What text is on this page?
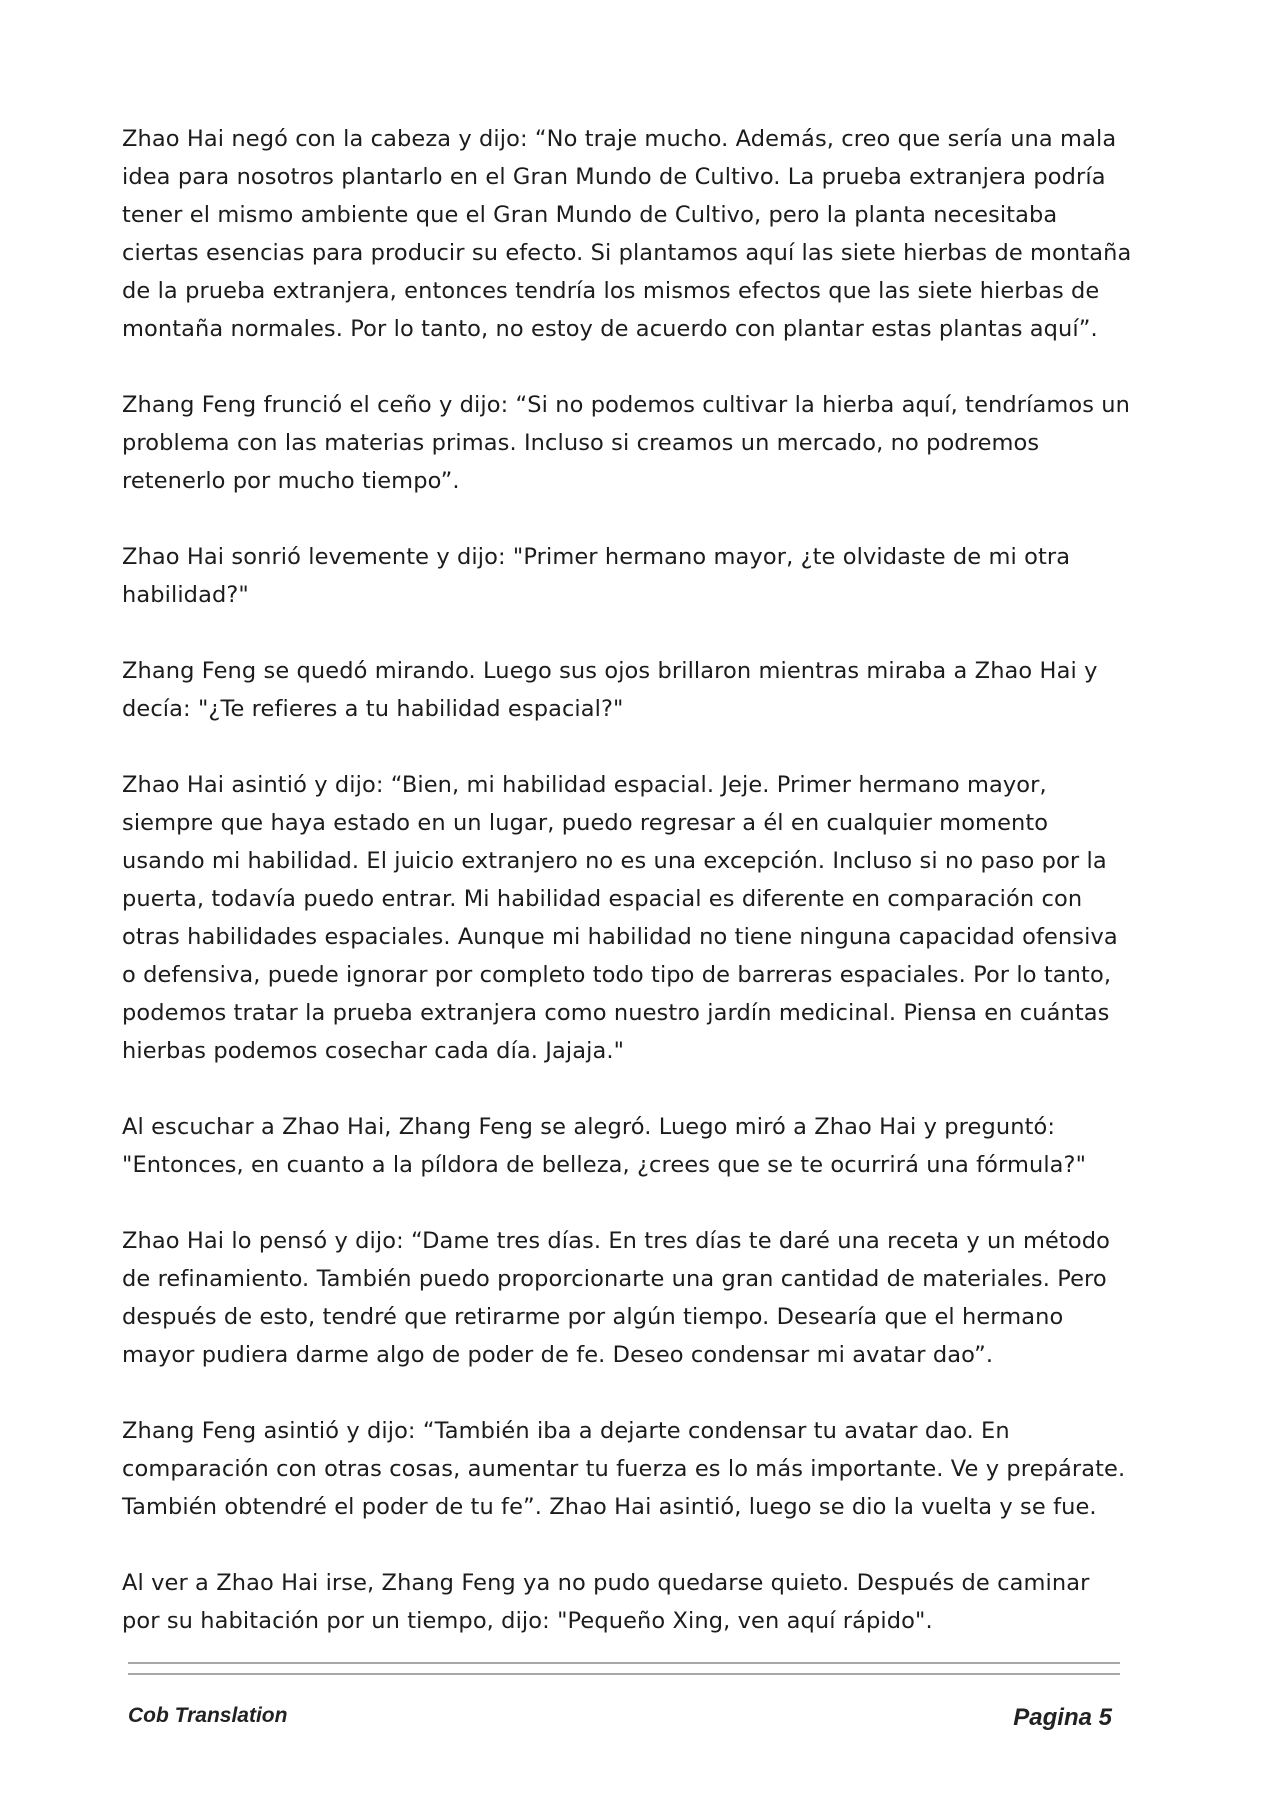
Zhao Hai negó con la cabeza y dijo: “No traje mucho. Además, creo que sería una mala idea para nosotros plantarlo en el Gran Mundo de Cultivo. La prueba extranjera podría tener el mismo ambiente que el Gran Mundo de Cultivo, pero la planta necesitaba ciertas esencias para producir su efecto. Si plantamos aquí las siete hierbas de montaña de la prueba extranjera, entonces tendría los mismos efectos que las siete hierbas de montaña normales. Por lo tanto, no estoy de acuerdo con plantar estas plantas aquí”.

Zhang Feng frunció el ceño y dijo: “Si no podemos cultivar la hierba aquí, tendríamos un problema con las materias primas. Incluso si creamos un mercado, no podremos retenerlo por mucho tiempo”.

Zhao Hai sonrió levemente y dijo: "Primer hermano mayor, ¿te olvidaste de mi otra habilidad?"

Zhang Feng se quedó mirando. Luego sus ojos brillaron mientras miraba a Zhao Hai y decía: "¿Te refieres a tu habilidad espacial?"

Zhao Hai asintió y dijo: “Bien, mi habilidad espacial. Jeje. Primer hermano mayor, siempre que haya estado en un lugar, puedo regresar a él en cualquier momento usando mi habilidad. El juicio extranjero no es una excepción. Incluso si no paso por la puerta, todavía puedo entrar. Mi habilidad espacial es diferente en comparación con otras habilidades espaciales. Aunque mi habilidad no tiene ninguna capacidad ofensiva o defensiva, puede ignorar por completo todo tipo de barreras espaciales. Por lo tanto, podemos tratar la prueba extranjera como nuestro jardín medicinal. Piensa en cuántas hierbas podemos cosechar cada día. Jajaja."

Al escuchar a Zhao Hai, Zhang Feng se alegró. Luego miró a Zhao Hai y preguntó: "Entonces, en cuanto a la píldora de belleza, ¿crees que se te ocurrirá una fórmula?"

Zhao Hai lo pensó y dijo: “Dame tres días. En tres días te daré una receta y un método de refinamiento. También puedo proporcionarte una gran cantidad de materiales. Pero después de esto, tendré que retirarme por algún tiempo. Desearía que el hermano mayor pudiera darme algo de poder de fe. Deseo condensar mi avatar dao”.

Zhang Feng asintió y dijo: “También iba a dejarte condensar tu avatar dao. En comparación con otras cosas, aumentar tu fuerza es lo más importante. Ve y prepárate. También obtendré el poder de tu fe”. Zhao Hai asintió, luego se dio la vuelta y se fue.

Al ver a Zhao Hai irse, Zhang Feng ya no pudo quedarse quieto. Después de caminar por su habitación por un tiempo, dijo: "Pequeño Xing, ven aquí rápido".

Cob Translation	Pagina 5
